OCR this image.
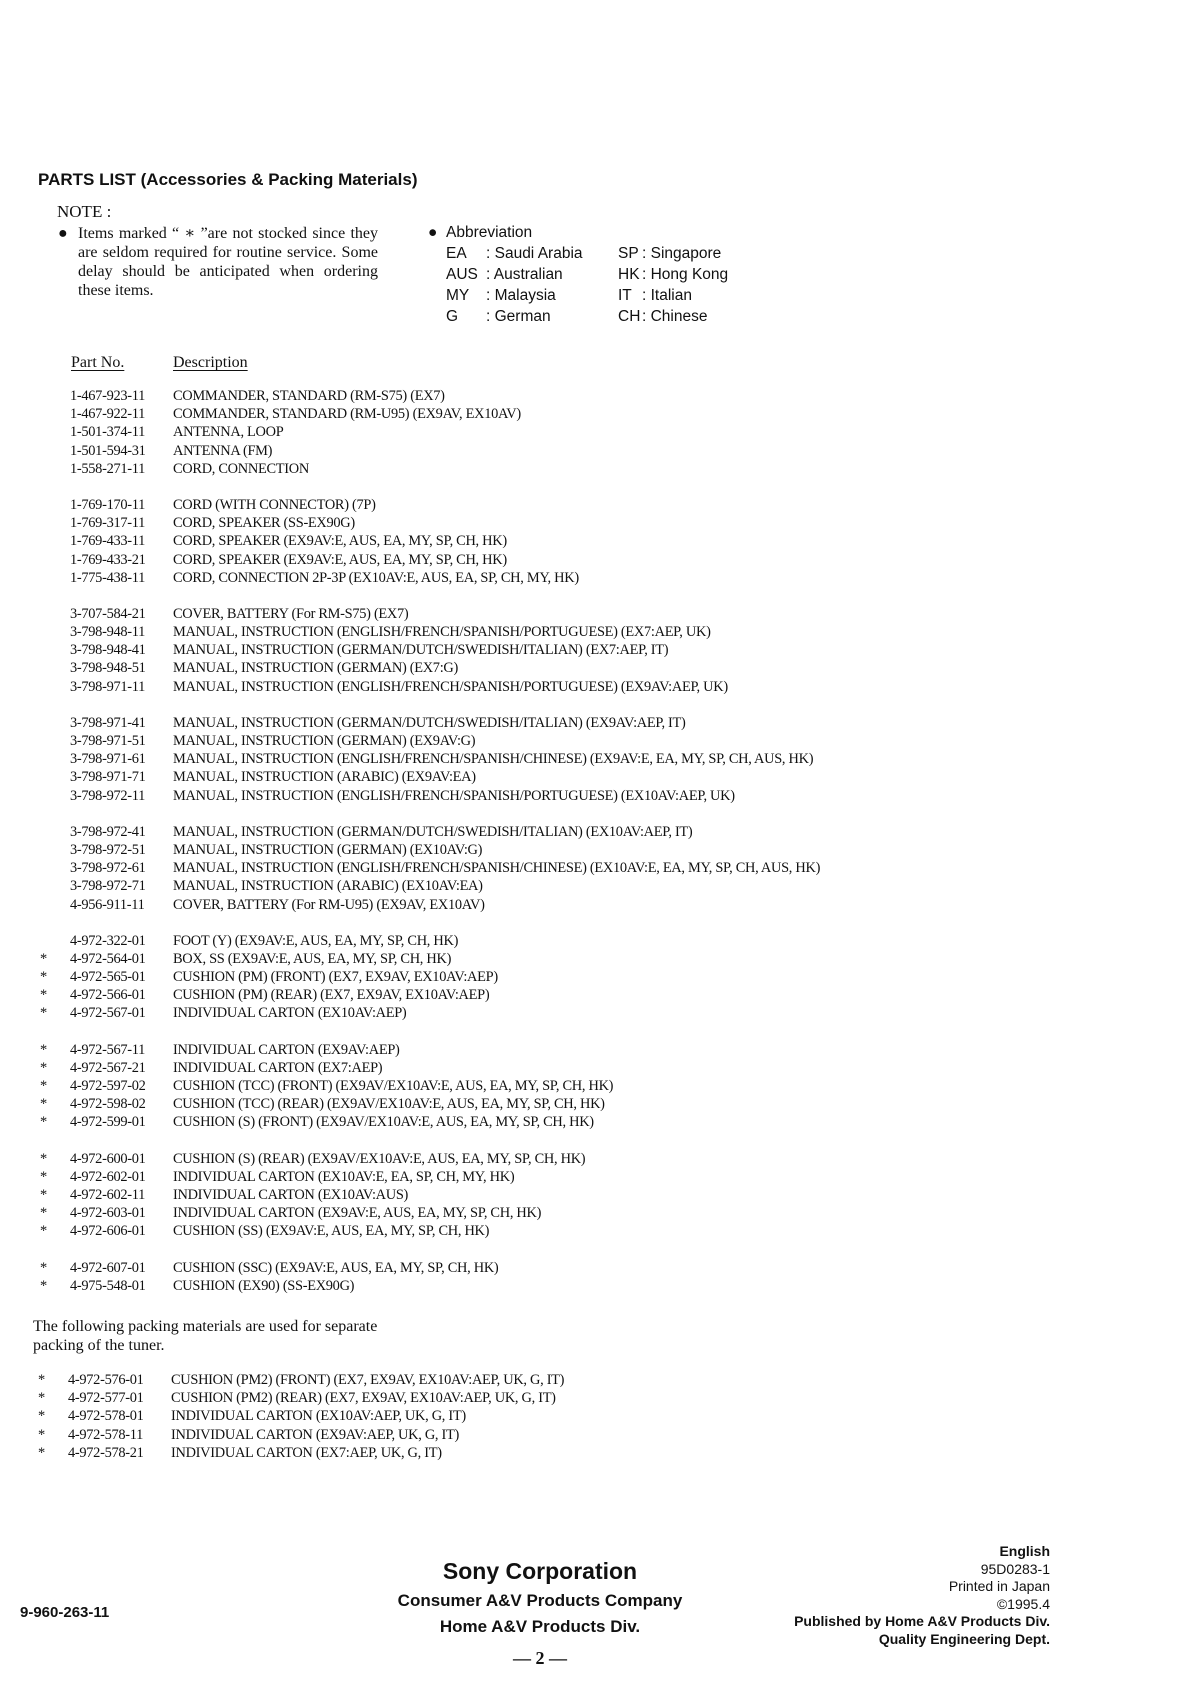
PARTS LIST (Accessories & Packing Materials)
NOTE :
● Items marked “ ∗ ”are not stocked since they are seldom required for routine service. Some delay should be anticipated when ordering these items.
● Abbreviation
EA	: Saudi Arabia	SP : Singapore
AUS : Australian	HK : Hong Kong
MY	: Malaysia	IT : Italian
G	: German	CH : Chinese
Part No.	Description
1-467-923-11 COMMANDER, STANDARD (RM-S75) (EX7)
1-467-922-11 COMMANDER, STANDARD (RM-U95) (EX9AV, EX10AV)
1-501-374-11 ANTENNA, LOOP
1-501-594-31 ANTENNA (FM)
1-558-271-11 CORD, CONNECTION
1-769-170-11 CORD (WITH CONNECTOR) (7P)
1-769-317-11 CORD, SPEAKER (SS-EX90G)
1-769-433-11 CORD, SPEAKER (EX9AV:E, AUS, EA, MY, SP, CH, HK)
1-769-433-21 CORD, SPEAKER (EX9AV:E, AUS, EA, MY, SP, CH, HK)
1-775-438-11 CORD, CONNECTION 2P-3P (EX10AV:E, AUS, EA, SP, CH, MY, HK)
3-707-584-21 COVER, BATTERY (For RM-S75) (EX7)
3-798-948-11 MANUAL, INSTRUCTION (ENGLISH/FRENCH/SPANISH/PORTUGUESE) (EX7:AEP, UK)
3-798-948-41 MANUAL, INSTRUCTION (GERMAN/DUTCH/SWEDISH/ITALIAN) (EX7:AEP, IT)
3-798-948-51 MANUAL, INSTRUCTION (GERMAN) (EX7:G)
3-798-971-11 MANUAL, INSTRUCTION (ENGLISH/FRENCH/SPANISH/PORTUGUESE) (EX9AV:AEP, UK)
3-798-971-41 MANUAL, INSTRUCTION (GERMAN/DUTCH/SWEDISH/ITALIAN) (EX9AV:AEP, IT)
3-798-971-51 MANUAL, INSTRUCTION (GERMAN) (EX9AV:G)
3-798-971-61 MANUAL, INSTRUCTION (ENGLISH/FRENCH/SPANISH/CHINESE) (EX9AV:E, EA, MY, SP, CH, AUS, HK)
3-798-971-71 MANUAL, INSTRUCTION (ARABIC) (EX9AV:EA)
3-798-972-11 MANUAL, INSTRUCTION (ENGLISH/FRENCH/SPANISH/PORTUGUESE) (EX10AV:AEP, UK)
3-798-972-41 MANUAL, INSTRUCTION (GERMAN/DUTCH/SWEDISH/ITALIAN) (EX10AV:AEP, IT)
3-798-972-51 MANUAL, INSTRUCTION (GERMAN) (EX10AV:G)
3-798-972-61 MANUAL, INSTRUCTION (ENGLISH/FRENCH/SPANISH/CHINESE) (EX10AV:E, EA, MY, SP, CH, AUS, HK)
3-798-972-71 MANUAL, INSTRUCTION (ARABIC) (EX10AV:EA)
4-956-911-11 COVER, BATTERY (For RM-U95) (EX9AV, EX10AV)
4-972-322-01 FOOT (Y) (EX9AV:E, AUS, EA, MY, SP, CH, HK)
*	4-972-564-01 BOX, SS (EX9AV:E, AUS, EA, MY, SP, CH, HK)
*	4-972-565-01 CUSHION (PM) (FRONT) (EX7, EX9AV, EX10AV:AEP)
*	4-972-566-01 CUSHION (PM) (REAR) (EX7, EX9AV, EX10AV:AEP)
*	4-972-567-01 INDIVIDUAL CARTON (EX10AV:AEP)
*	4-972-567-11 INDIVIDUAL CARTON (EX9AV:AEP)
*	4-972-567-21 INDIVIDUAL CARTON (EX7:AEP)
*	4-972-597-02 CUSHION (TCC) (FRONT) (EX9AV/EX10AV:E, AUS, EA, MY, SP, CH, HK)
*	4-972-598-02 CUSHION (TCC) (REAR) (EX9AV/EX10AV:E, AUS, EA, MY, SP, CH, HK)
*	4-972-599-01 CUSHION (S) (FRONT) (EX9AV/EX10AV:E, AUS, EA, MY, SP, CH, HK)
*	4-972-600-01 CUSHION (S) (REAR) (EX9AV/EX10AV:E, AUS, EA, MY, SP, CH, HK)
*	4-972-602-01 INDIVIDUAL CARTON (EX10AV:E, EA, SP, CH, MY, HK)
*	4-972-602-11 INDIVIDUAL CARTON (EX10AV:AUS)
*	4-972-603-01 INDIVIDUAL CARTON (EX9AV:E, AUS, EA, MY, SP, CH, HK)
*	4-972-606-01 CUSHION (SS) (EX9AV:E, AUS, EA, MY, SP, CH, HK)
*	4-972-607-01 CUSHION (SSC) (EX9AV:E, AUS, EA, MY, SP, CH, HK)
*	4-975-548-01 CUSHION (EX90) (SS-EX90G)
The following packing materials are used for separate packing of the tuner.
*	4-972-576-01 CUSHION (PM2) (FRONT) (EX7, EX9AV, EX10AV:AEP, UK, G, IT)
*	4-972-577-01 CUSHION (PM2) (REAR) (EX7, EX9AV, EX10AV:AEP, UK, G, IT)
*	4-972-578-01 INDIVIDUAL CARTON (EX10AV:AEP, UK, G, IT)
*	4-972-578-11 INDIVIDUAL CARTON (EX9AV:AEP, UK, G, IT)
*	4-972-578-21 INDIVIDUAL CARTON (EX7:AEP, UK, G, IT)
9-960-263-11
Sony Corporation
Consumer A&V Products Company
Home A&V Products Div.
— 2 —
English
95D0283-1
Printed in Japan
©1995.4
Published by Home A&V Products Div.
Quality Engineering Dept.
